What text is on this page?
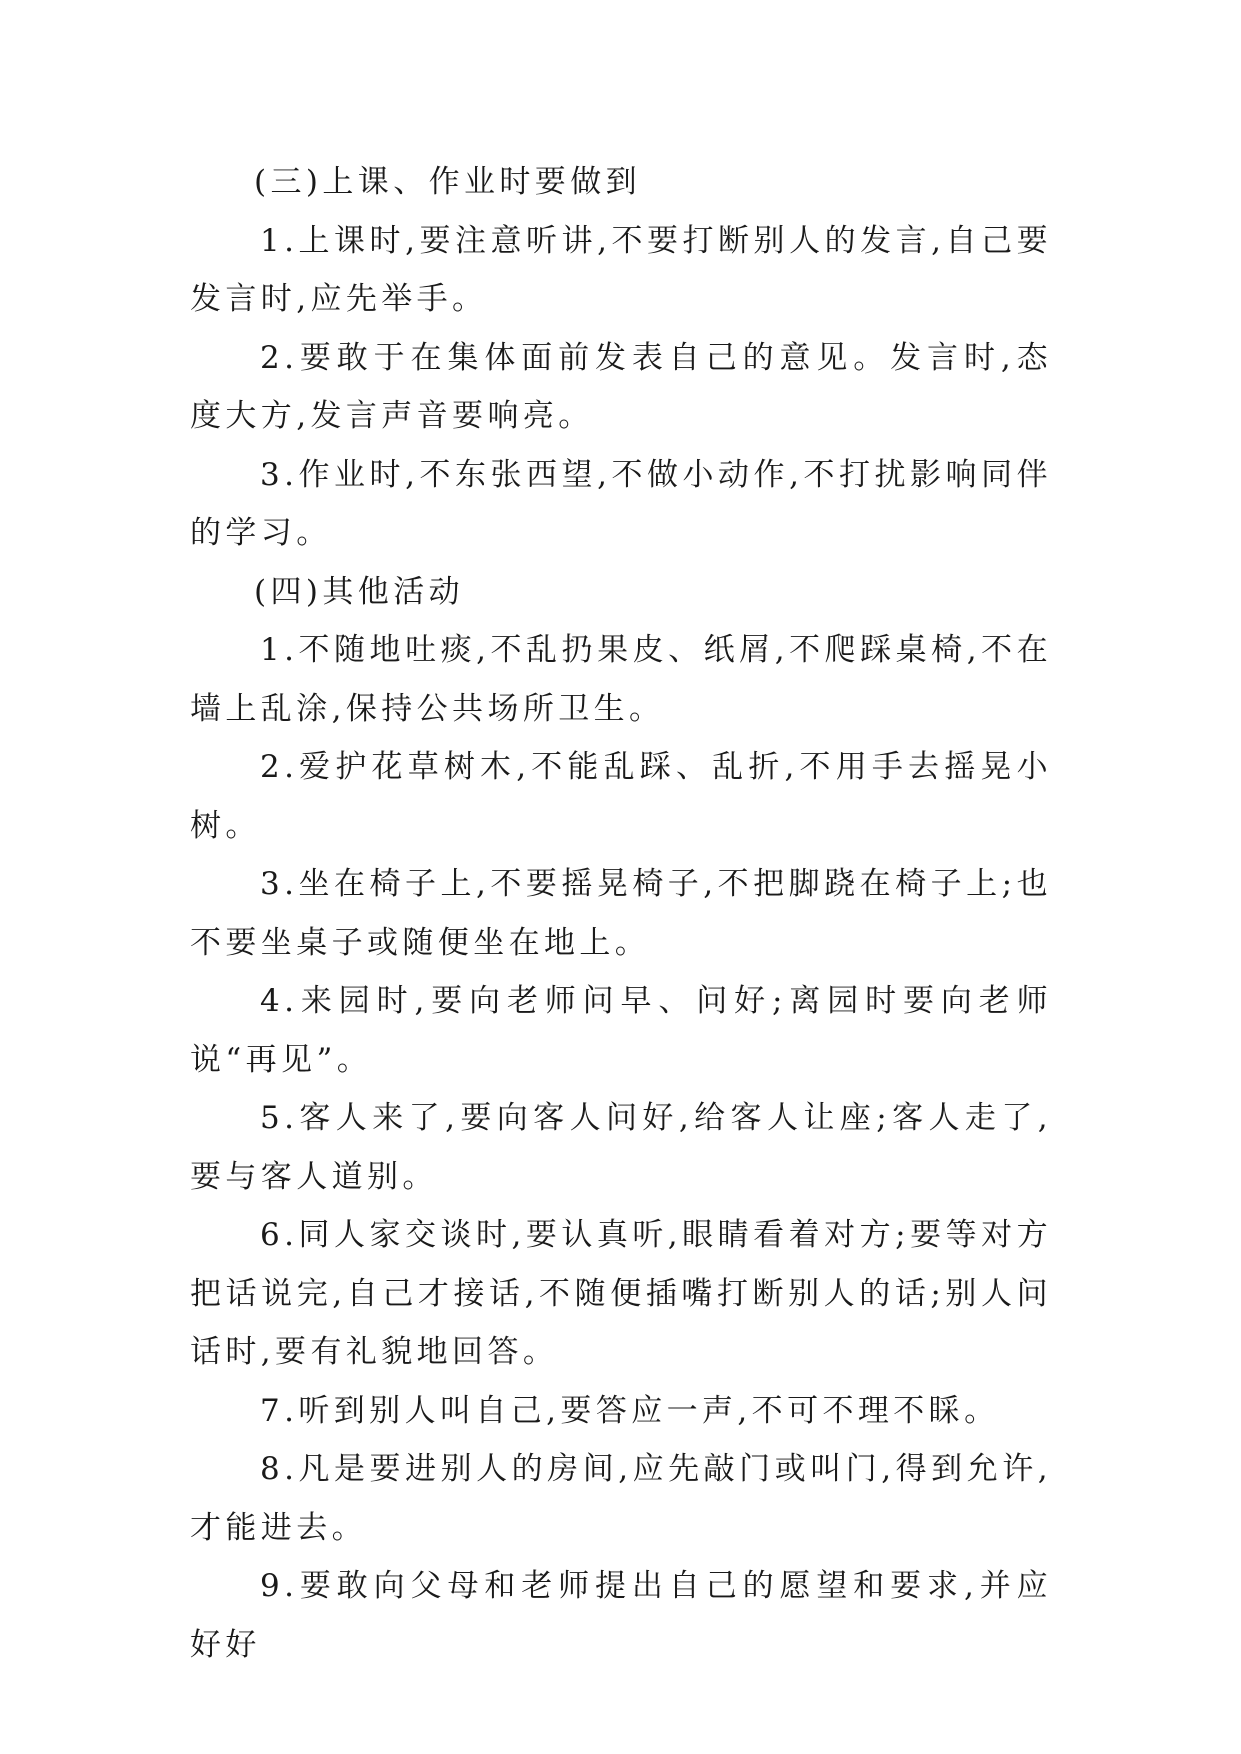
(三)上课、作业时要做到

1.上课时,要注意听讲,不要打断别人的发言,自己要发言时,应先举手。

2.要敢于在集体面前发表自己的意见。发言时,态度大方,发言声音要响亮。

3.作业时,不东张西望,不做小动作,不打扰影响同伴的学习。

(四)其他活动

1.不随地吐痰,不乱扔果皮、纸屑,不爬踩桌椅,不在墙上乱涂,保持公共场所卫生。

2.爱护花草树木,不能乱踩、乱折,不用手去摇晃小树。

3.坐在椅子上,不要摇晃椅子,不把脚跷在椅子上;也不要坐桌子或随便坐在地上。

4.来园时,要向老师问早、问好;离园时要向老师说“再见”。

5.客人来了,要向客人问好,给客人让座;客人走了,要与客人道别。

6.同人家交谈时,要认真听,眼睛看着对方;要等对方把话说完,自己才接话,不随便插嘴打断别人的话;别人问话时,要有礼貌地回答。

7.听到别人叫自己,要答应一声,不可不理不睬。

8.凡是要进别人的房间,应先敲门或叫门,得到允许,才能进去。

9.要敢向父母和老师提出自己的愿望和要求,并应好好
